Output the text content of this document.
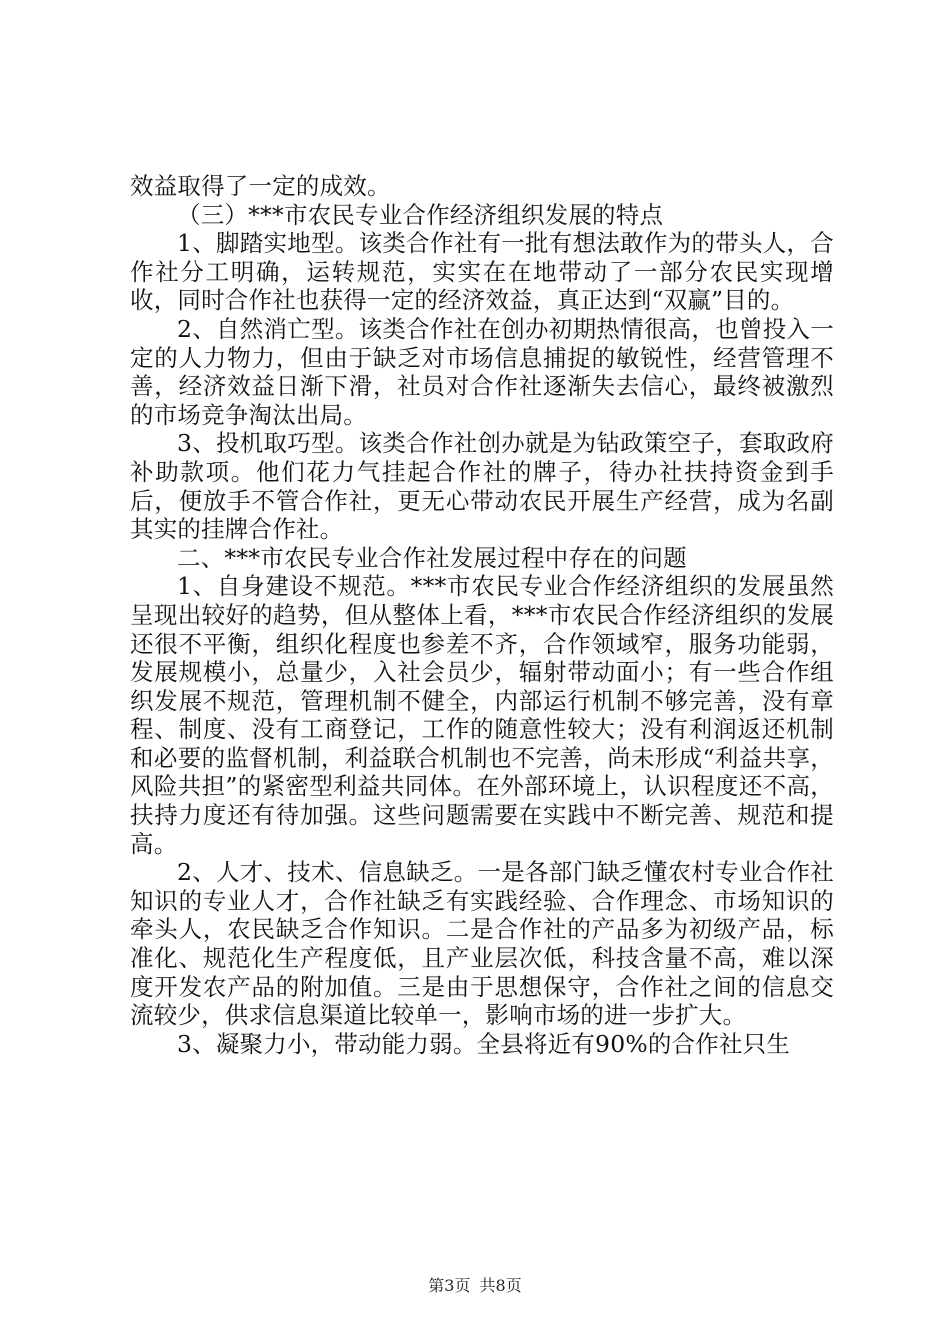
效益取得了一定的成效。

（三）***市农民专业合作经济组织发展的特点

1、脚踏实地型。该类合作社有一批有想法敢作为的带头人，合作社分工明确，运转规范，实实在在地带动了一部分农民实现增收，同时合作社也获得一定的经济效益，真正达到“双赢”目的。

2、自然消亡型。该类合作社在创办初期热情很高，也曾投入一定的人力物力，但由于缺乏对市场信息捕捉的敏锐性，经营管理不善，经济效益日渐下滑，社员对合作社逐渐失去信心，最终被激烈的市场竞争淘汰出局。

3、投机取巧型。该类合作社创办就是为钻政策空子，套取政府补助款项。他们花力气挂起合作社的牌子，待办社扶持资金到手后，便放手不管合作社，更无心带动农民开展生产经营，成为名副其实的挂牌合作社。

二、***市农民专业合作社发展过程中存在的问题

1、自身建设不规范。***市农民专业合作经济组织的发展虽然呈现出较好的趋势，但从整体上看，***市农民合作经济组织的发展还很不平衡，组织化程度也参差不齐，合作领域窄，服务功能弱，发展规模小，总量少，入社会员少，辐射带动面小；有一些合作组织发展不规范，管理机制不健全，内部运行机制不够完善，没有章程、制度、没有工商登记，工作的随意性较大；没有利润返还机制和必要的监督机制，利益联合机制也不完善，尚未形成“利益共享，风险共担”的紧密型利益共同体。在外部环境上，认识程度还不高，扶持力度还有待加强。这些问题需要在实践中不断完善、规范和提高。

2、人才、技术、信息缺乏。一是各部门缺乏懂农村专业合作社知识的专业人才，合作社缺乏有实践经验、合作理念、市场知识的牵头人，农民缺乏合作知识。二是合作社的产品多为初级产品，标准化、规范化生产程度低，且产业层次低，科技含量不高，难以深度开发农产品的附加值。三是由于思想保守，合作社之间的信息交流较少，供求信息渠道比较单一，影响市场的进一步扩大。

3、凝聚力小，带动能力弱。全县将近有90%的合作社只生

第3页 共8页
